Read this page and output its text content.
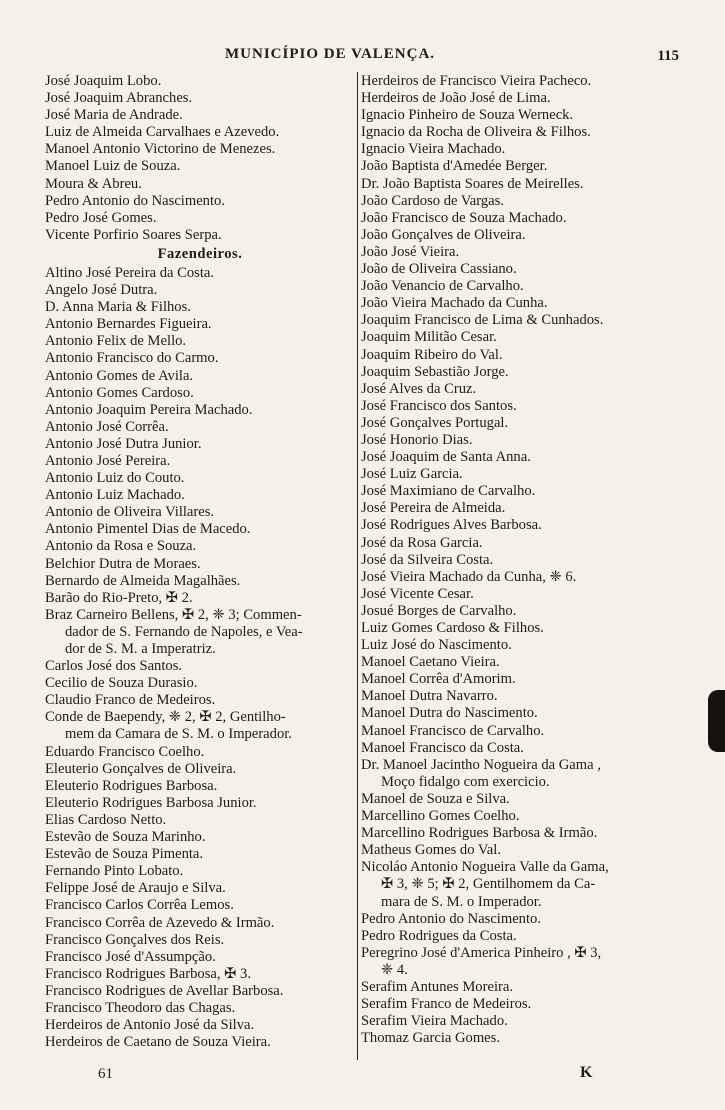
MUNICÍPIO DE VALENÇA.	115
José Joaquim Lobo.
José Joaquim Abranches.
José Maria de Andrade.
Luiz de Almeida Carvalhaes e Azevedo.
Manoel Antonio Victorino de Menezes.
Manoel Luiz de Souza.
Moura & Abreu.
Pedro Antonio do Nascimento.
Pedro José Gomes.
Vicente Porfirio Soares Serpa.
Fazendeiros.
Altino José Pereira da Costa.
Angelo José Dutra.
D. Anna Maria & Filhos.
Antonio Bernardes Figueira.
Antonio Felix de Mello.
Antonio Francisco do Carmo.
Antonio Gomes de Avila.
Antonio Gomes Cardoso.
Antonio Joaquim Pereira Machado.
Antonio José Corrêa.
Antonio José Dutra Junior.
Antonio José Pereira.
Antonio Luiz do Couto.
Antonio Luiz Machado.
Antonio de Oliveira Villares.
Antonio Pimentel Dias de Macedo.
Antonio da Rosa e Souza.
Belchior Dutra de Moraes.
Bernardo de Almeida Magalhães.
Barão do Rio-Preto, ✠ 2.
Braz Carneiro Bellens, ✠ 2, ❈ 3; Commen-
dador de S. Fernando de Napoles, e Vea-
dor de S. M. a Imperatriz.
Carlos José dos Santos.
Cecilio de Souza Durasio.
Claudio Franco de Medeiros.
Conde de Baependy, ❈ 2, ✠ 2, Gentilho-
mem da Camara de S. M. o Imperador.
Eduardo Francisco Coelho.
Eleuterio Gonçalves de Oliveira.
Eleuterio Rodrigues Barbosa.
Eleuterio Rodrigues Barbosa Junior.
Elias Cardoso Netto.
Estevão de Souza Marinho.
Estevão de Souza Pimenta.
Fernando Pinto Lobato.
Felippe José de Araujo e Silva.
Francisco Carlos Corrêa Lemos.
Francisco Corrêa de Azevedo & Irmão.
Francisco Gonçalves dos Reis.
Francisco José d'Assumpção.
Francisco Rodrigues Barbosa, ✠ 3.
Francisco Rodrigues de Avellar Barbosa.
Francisco Theodoro das Chagas.
Herdeiros de Antonio José da Silva.
Herdeiros de Caetano de Souza Vieira.
Herdeiros de Francisco Vieira Pacheco.
Herdeiros de João José de Lima.
Ignacio Pinheiro de Souza Werneck.
Ignacio da Rocha de Oliveira & Filhos.
Ignacio Vieira Machado.
João Baptista d'Amedée Berger.
Dr. João Baptista Soares de Meirelles.
João Cardoso de Vargas.
João Francisco de Souza Machado.
João Gonçalves de Oliveira.
João José Vieira.
João de Oliveira Cassiano.
João Venancio de Carvalho.
João Vieira Machado da Cunha.
Joaquim Francisco de Lima & Cunhados.
Joaquim Militão Cesar.
Joaquim Ribeiro do Val.
Joaquim Sebastião Jorge.
José Alves da Cruz.
José Francisco dos Santos.
José Gonçalves Portugal.
José Honorio Dias.
José Joaquim de Santa Anna.
José Luiz Garcia.
José Maximiano de Carvalho.
José Pereira de Almeida.
José Rodrigues Alves Barbosa.
José da Rosa Garcia.
José da Silveira Costa.
José Vieira Machado da Cunha, ❈ 6.
José Vicente Cesar.
Josué Borges de Carvalho.
Luiz Gomes Cardoso & Filhos.
Luiz José do Nascimento.
Manoel Caetano Vieira.
Manoel Corrêa d'Amorim.
Manoel Dutra Navarro.
Manoel Dutra do Nascimento.
Manoel Francisco de Carvalho.
Manoel Francisco da Costa.
Dr. Manoel Jacintho Nogueira da Gama ,
Moço fidalgo com exercicio.
Manoel de Souza e Silva.
Marcellino Gomes Coelho.
Marcellino Rodrigues Barbosa & Irmão.
Matheus Gomes do Val.
Nicoláo Antonio Nogueira Valle da Gama,
✠ 3, ❈ 5; ✠ 2, Gentilhomem da Ca-
mara de S. M. o Imperador.
Pedro Antonio do Nascimento.
Pedro Rodrigues da Costa.
Peregrino José d'America Pinheiro , ✠ 3,
❈ 4.
Serafim Antunes Moreira.
Serafim Franco de Medeiros.
Serafim Vieira Machado.
Thomaz Garcia Gomes.
61	K
